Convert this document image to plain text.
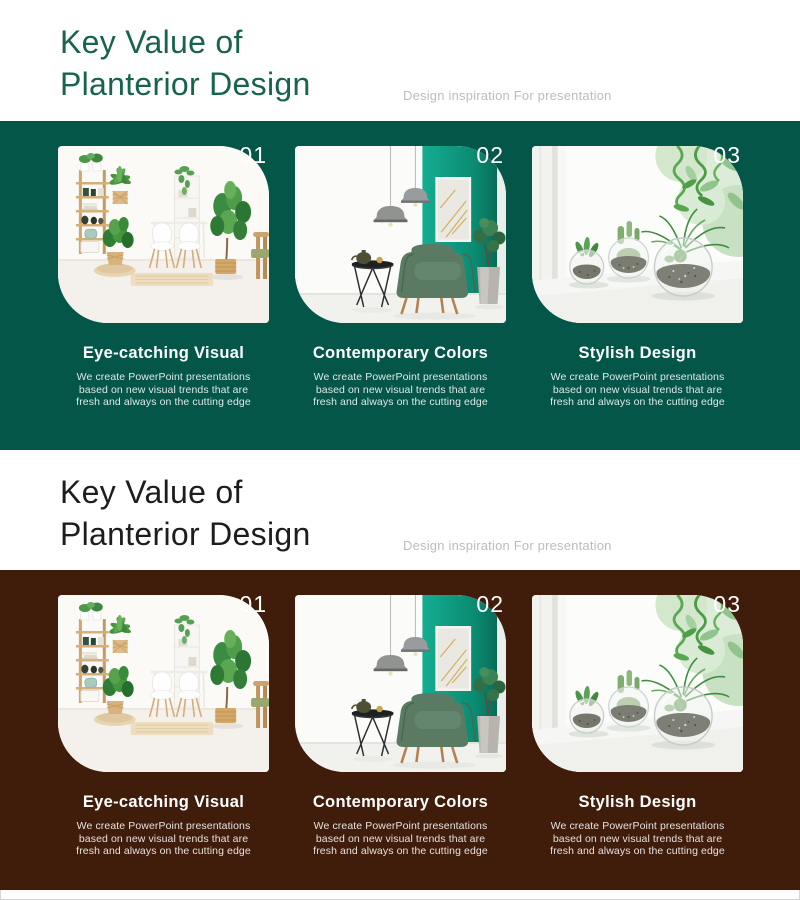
Key Value of
Planterior Design	Design inspiration For presentation
01
Eye-catching Visual
We create PowerPoint presentations
based on new visual trends that are
fresh and always on the cutting edge
02
Contemporary Colors
We create PowerPoint presentations
based on new visual trends that are
fresh and always on the cutting edge
03
Stylish Design
We create PowerPoint presentations
based on new visual trends that are
fresh and always on the cutting edge
Key Value of
Planterior Design	Design inspiration For presentation
01
Eye-catching Visual
We create PowerPoint presentations
based on new visual trends that are
fresh and always on the cutting edge
02
Contemporary Colors
We create PowerPoint presentations
based on new visual trends that are
fresh and always on the cutting edge
03
Stylish Design
We create PowerPoint presentations
based on new visual trends that are
fresh and always on the cutting edge
